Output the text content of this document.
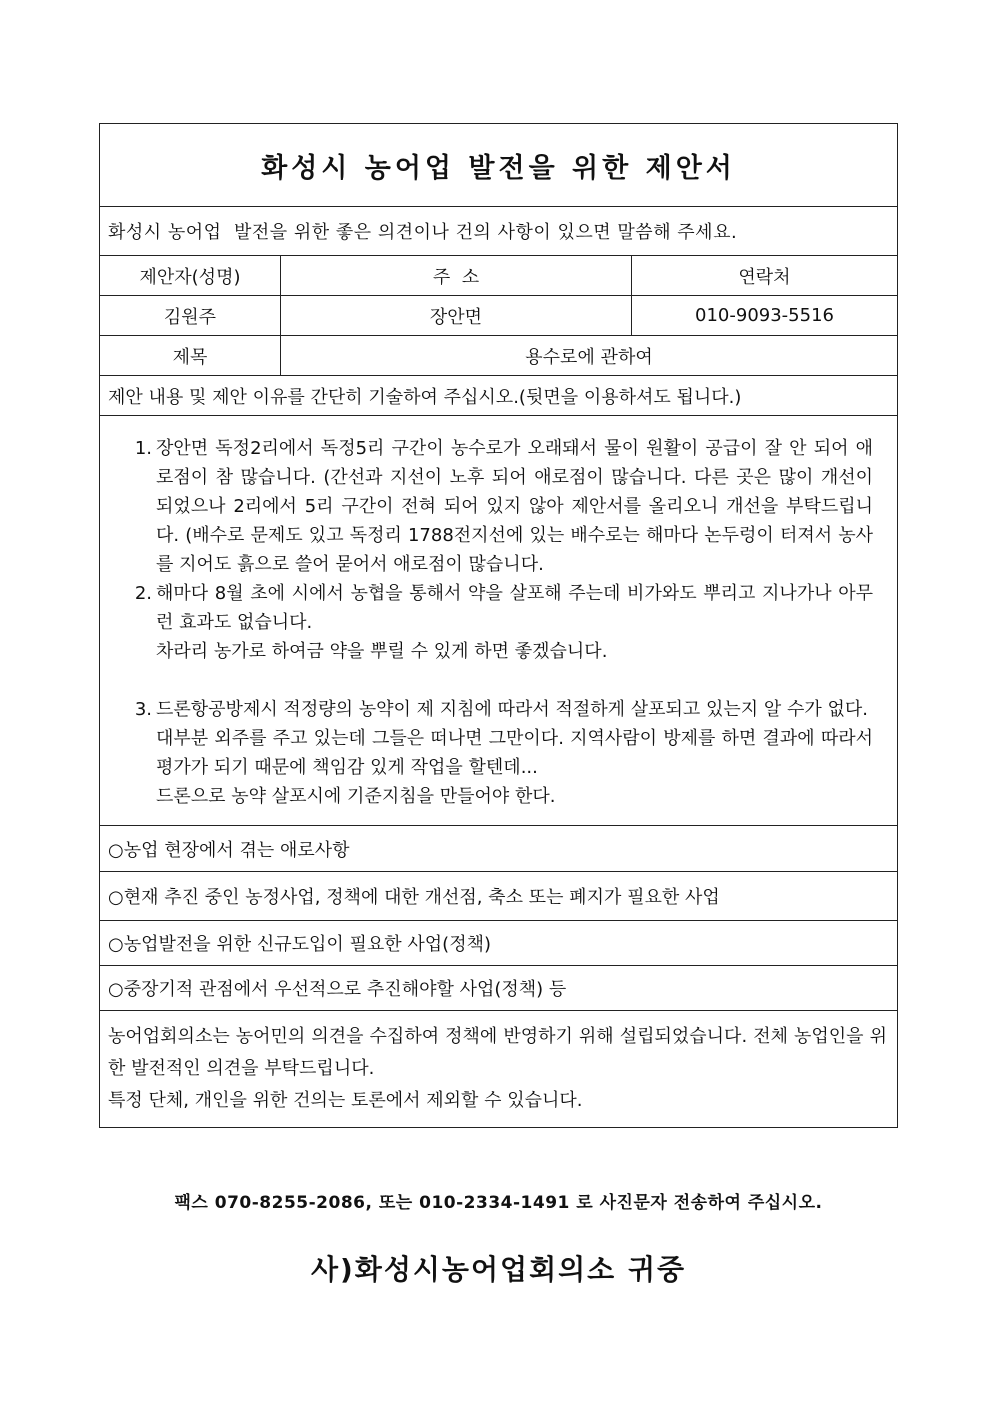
화성시 농어업 발전을 위한 제안서
화성시 농어업  발전을 위한 좋은 의견이나 건의 사항이 있으면 말씀해 주세요.
제안자(성명)	주  소	연락처
김원주	장안면	010-9093-5516
제목	용수로에 관하여
제안 내용 및 제안 이유를 간단히 기술하여 주십시오.(뒷면을 이용하셔도 됩니다.)
1. 장안면 독정2리에서 독정5리 구간이 농수로가 오래돼서 물이 원활이 공급이 잘 안 되어 애로점이 참 많습니다. (간선과 지선이 노후 되어 애로점이 많습니다. 다른 곳은 많이 개선이 되었으나 2리에서 5리 구간이 전혀 되어 있지 않아 제안서를 올리오니 개선을 부탁드립니다. (배수로 문제도 있고 독정리 1788전지선에 있는 배수로는 해마다 논두렁이 터져서 농사를 지어도 흙으로 쓸어 묻어서 애로점이 많습니다.
2. 해마다 8월 초에 시에서 농협을 통해서 약을 살포해 주는데 비가와도 뿌리고 지나가나 아무런 효과도 없습니다.
차라리 농가로 하여금 약을 뿌릴 수 있게 하면 좋겠습니다.
3. 드론항공방제시 적정량의 농약이 제 지침에 따라서 적절하게 살포되고 있는지 알 수가 없다.
대부분 외주를 주고 있는데 그들은 떠나면 그만이다. 지역사람이 방제를 하면 결과에 따라서 평가가 되기 때문에 책임감 있게 작업을 할텐데...
드론으로 농약 살포시에 기준지침을 만들어야 한다.
○농업 현장에서 겪는 애로사항
○현재 추진 중인 농정사업, 정책에 대한 개선점, 축소 또는 폐지가 필요한 사업
○농업발전을 위한 신규도입이 필요한 사업(정책)
○중장기적 관점에서 우선적으로 추진해야할 사업(정책) 등
농어업회의소는 농어민의 의견을 수집하여 정책에 반영하기 위해 설립되었습니다. 전체 농업인을 위한 발전적인 의견을 부탁드립니다.
특정 단체, 개인을 위한 건의는 토론에서 제외할 수 있습니다.
팩스 070-8255-2086, 또는 010-2334-1491 로 사진문자 전송하여 주십시오.
사)화성시농어업회의소 귀중
